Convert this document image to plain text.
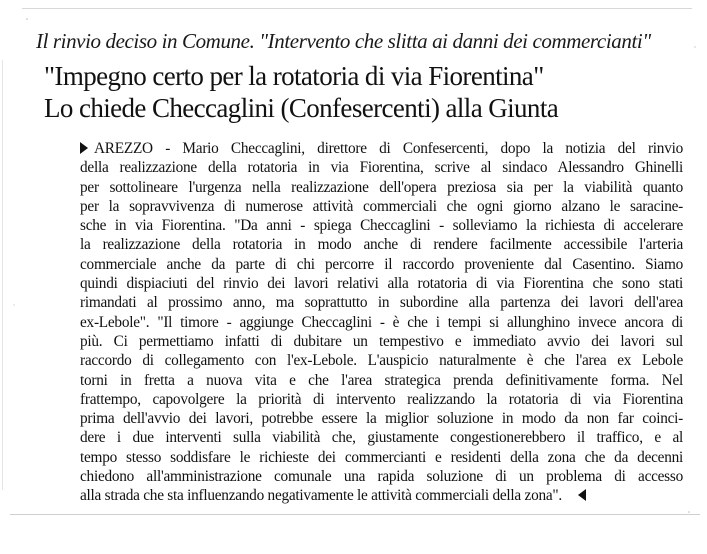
Il rinvio deciso in Comune. "Intervento che slitta ai danni dei commercianti"
"Impegno certo per la rotatoria di via Fiorentina"
Lo chiede Checcaglini (Confesercenti) alla Giunta
AREZZO - Mario Checcaglini, direttore di Confesercenti, dopo la notizia del rinvio
della realizzazione della rotatoria in via Fiorentina, scrive al sindaco Alessandro Ghinelli
per sottolineare l'urgenza nella realizzazione dell'opera preziosa sia per la viabilità quanto
per la sopravvivenza di numerose attività commerciali che ogni giorno alzano le saracine-
sche in via Fiorentina. "Da anni - spiega Checcaglini - solleviamo la richiesta di accelerare
la realizzazione della rotatoria in modo anche di rendere facilmente accessibile l'arteria
commerciale anche da parte di chi percorre il raccordo proveniente dal Casentino. Siamo
quindi dispiaciuti del rinvio dei lavori relativi alla rotatoria di via Fiorentina che sono stati
rimandati al prossimo anno, ma soprattutto in subordine alla partenza dei lavori dell'area
ex-Lebole". "Il timore - aggiunge Checcaglini - è che i tempi si allunghino invece ancora di
più. Ci permettiamo infatti di dubitare un tempestivo e immediato avvio dei lavori sul
raccordo di collegamento con l'ex-Lebole. L'auspicio naturalmente è che l'area ex Lebole
torni in fretta a nuova vita e che l'area strategica prenda definitivamente forma. Nel
frattempo, capovolgere la priorità di intervento realizzando la rotatoria di via Fiorentina
prima dell'avvio dei lavori, potrebbe essere la miglior soluzione in modo da non far coinci-
dere i due interventi sulla viabilità che, giustamente congestionerebbero il traffico, e al
tempo stesso soddisfare le richieste dei commercianti e residenti della zona che da decenni
chiedono all'amministrazione comunale una rapida soluzione di un problema di accesso
alla strada che sta influenzando negativamente le attività commerciali della zona".
